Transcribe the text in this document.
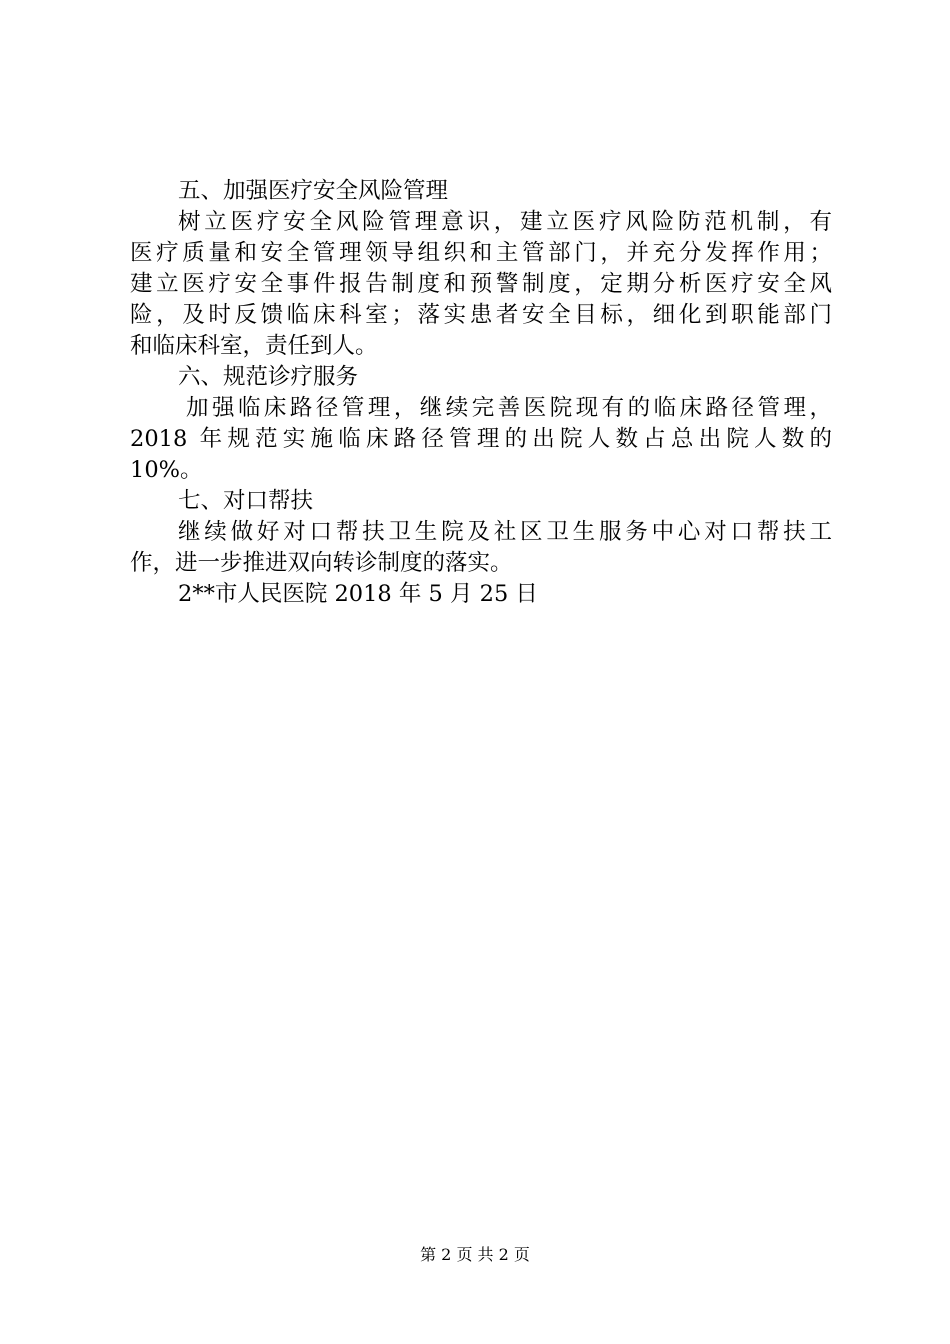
五、加强医疗安全风险管理
树立医疗安全风险管理意识，建立医疗风险防范机制，有
医疗质量和安全管理领导组织和主管部门，并充分发挥作用；
建立医疗安全事件报告制度和预警制度，定期分析医疗安全风
险，及时反馈临床科室；落实患者安全目标，细化到职能部门
和临床科室，责任到人。
六、规范诊疗服务
加强临床路径管理，继续完善医院现有的临床路径管理，
2018 年规范实施临床路径管理的出院人数占总出院人数的
10%。
七、对口帮扶
继续做好对口帮扶卫生院及社区卫生服务中心对口帮扶工
作，进一步推进双向转诊制度的落实。
2**市人民医院 2018 年 5 月 25 日
第 2 页 共 2 页
